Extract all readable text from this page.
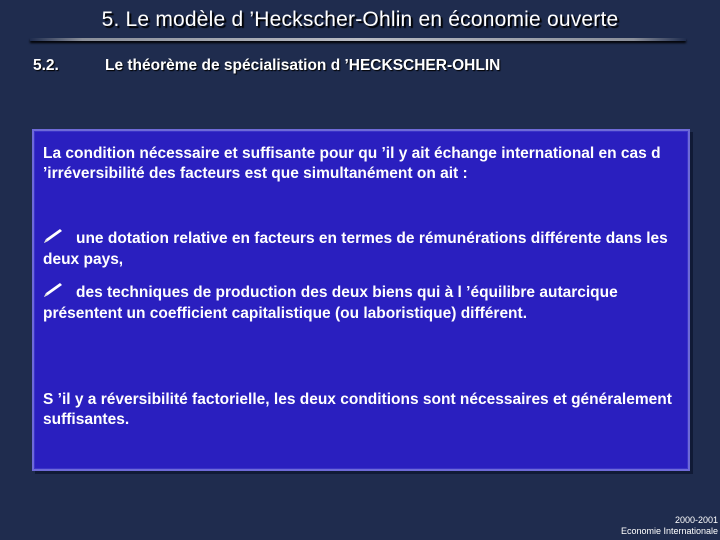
5. Le modèle d ’Heckscher-Ohlin en économie ouverte
5.2.	Le théorème de spécialisation d ’HECKSCHER-OHLIN
La condition nécessaire et suffisante pour qu ’il y ait échange international en cas d ’irréversibilité des facteurs est que simultanément on ait :
une dotation relative en facteurs en termes de rémunérations différente dans les deux pays,
des techniques de production des deux biens qui à l ’équilibre autarcique présentent un coefficient capitalistique (ou laboristique) différent.
S ’il y a réversibilité factorielle, les deux conditions sont nécessaires et généralement suffisantes.
2000-2001
Economie Internationale
